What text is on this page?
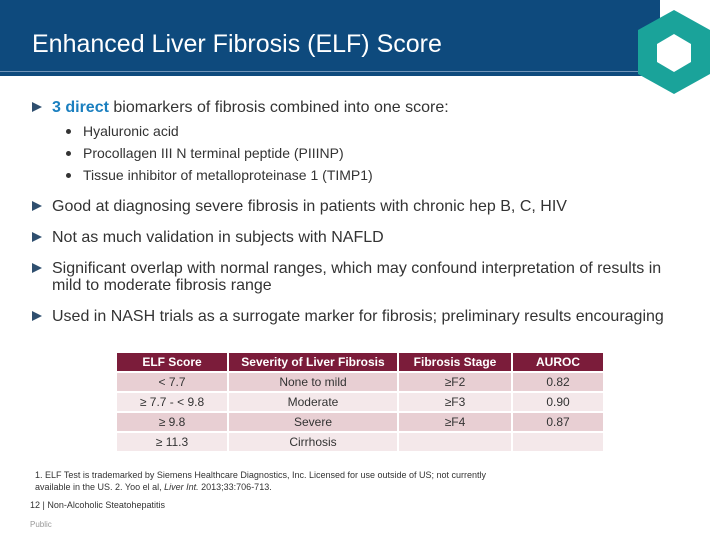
Enhanced Liver Fibrosis (ELF) Score
3 direct biomarkers of fibrosis combined into one score:
Hyaluronic acid
Procollagen III N terminal peptide (PIIINP)
Tissue inhibitor of metalloproteinase 1 (TIMP1)
Good at diagnosing severe fibrosis in patients with chronic hep B, C, HIV
Not as much validation in subjects with NAFLD
Significant overlap with normal ranges, which may confound interpretation of results in mild to moderate fibrosis range
Used in NASH trials as a surrogate marker for fibrosis; preliminary results encouraging
ELF Score	Severity of Liver Fibrosis	Fibrosis Stage	AUROC
< 7.7	None to mild	≥F2	0.82
≥ 7.7 - < 9.8	Moderate	≥F3	0.90
≥ 9.8	Severe	≥F4	0.87
≥ 11.3	Cirrhosis		
1. ELF Test is trademarked by Siemens Healthcare Diagnostics, Inc. Licensed for use outside of US; not currently
available in the US. 2. Yoo el al, Liver Int. 2013;33:706-713.
12 | Non-Alcoholic Steatohepatitis
Public
